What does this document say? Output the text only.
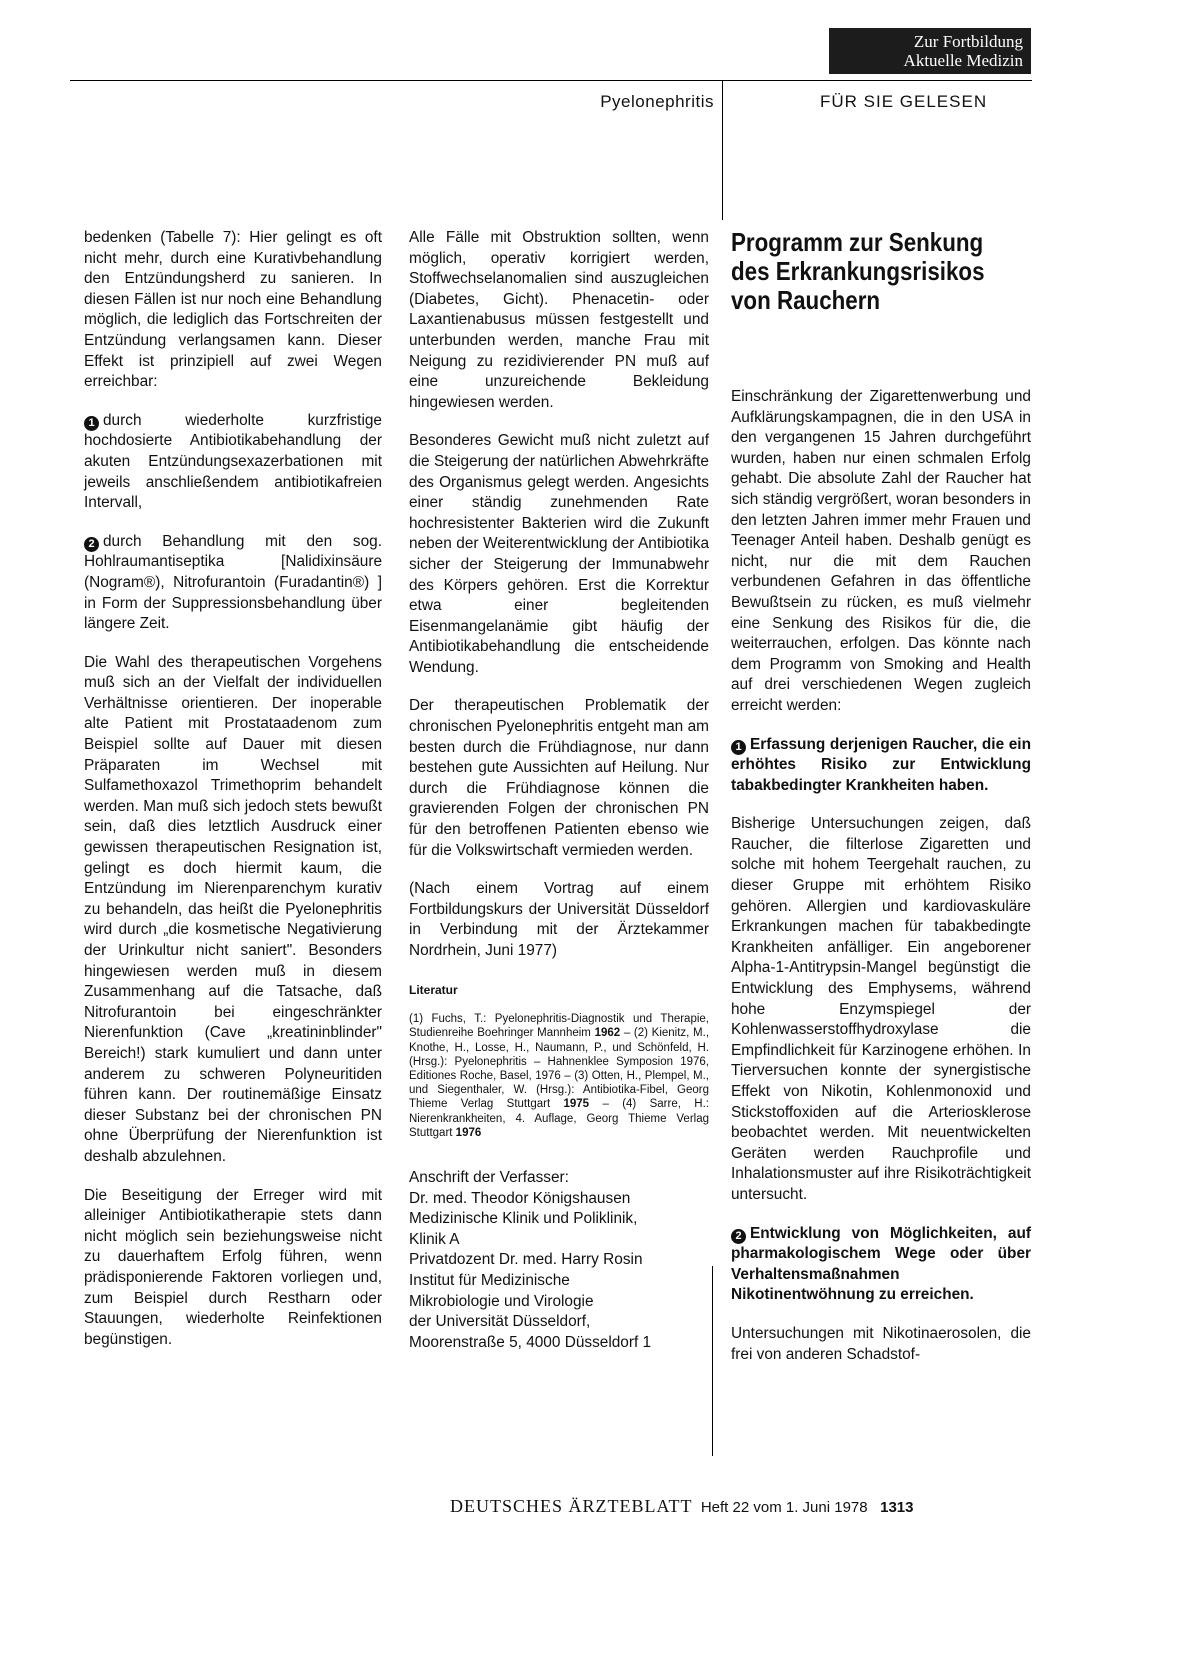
Zur Fortbildung
Aktuelle Medizin
Pyelonephritis	FÜR SIE GELESEN

bedenken (Tabelle 7): Hier gelingt es oft nicht mehr, durch eine Kurativbehandlung den Entzündungsherd zu sanieren. In diesen Fällen ist nur noch eine Behandlung möglich, die lediglich das Fortschreiten der Entzündung verlangsamen kann. Dieser Effekt ist prinzipiell auf zwei Wegen erreichbar:

1 durch wiederholte kurzfristige hochdosierte Antibiotikabehandlung der akuten Entzündungsexazerbationen mit jeweils anschließendem antibiotikafreien Intervall,

2 durch Behandlung mit den sog. Hohlraumantiseptika [Nalidixinsäure (Nogram®), Nitrofurantoin (Furadantin®) ] in Form der Suppressionsbehandlung über längere Zeit.

Die Wahl des therapeutischen Vorgehens muß sich an der Vielfalt der individuellen Verhältnisse orientieren. Der inoperable alte Patient mit Prostataadenom zum Beispiel sollte auf Dauer mit diesen Präparaten im Wechsel mit Sulfamethoxazol Trimethoprim behandelt werden. Man muß sich jedoch stets bewußt sein, daß dies letztlich Ausdruck einer gewissen therapeutischen Resignation ist, gelingt es doch hiermit kaum, die Entzündung im Nierenparenchym kurativ zu behandeln, das heißt die Pyelonephritis wird durch „die kosmetische Negativierung der Urinkultur nicht saniert". Besonders hingewiesen werden muß in diesem Zusammenhang auf die Tatsache, daß Nitrofurantoin bei eingeschränkter Nierenfunktion (Cave „kreatininblinder" Bereich!) stark kumuliert und dann unter anderem zu schweren Polyneuritiden führen kann. Der routinemäßige Einsatz dieser Substanz bei der chronischen PN ohne Überprüfung der Nierenfunktion ist deshalb abzulehnen.

Die Beseitigung der Erreger wird mit alleiniger Antibiotikatherapie stets dann nicht möglich sein beziehungsweise nicht zu dauerhaftem Erfolg führen, wenn prädisponierende Faktoren vorliegen und, zum Beispiel durch Restharn oder Stauungen, wiederholte Reinfektionen begünstigen.

Alle Fälle mit Obstruktion sollten, wenn möglich, operativ korrigiert werden, Stoffwechselanomalien sind auszugleichen (Diabetes, Gicht). Phenacetin- oder Laxantienabusus müssen festgestellt und unterbunden werden, manche Frau mit Neigung zu rezidivierender PN muß auf eine unzureichende Bekleidung hingewiesen werden.

Besonderes Gewicht muß nicht zuletzt auf die Steigerung der natürlichen Abwehrkräfte des Organismus gelegt werden. Angesichts einer ständig zunehmenden Rate hochresistenter Bakterien wird die Zukunft neben der Weiterentwicklung der Antibiotika sicher der Steigerung der Immunabwehr des Körpers gehören. Erst die Korrektur etwa einer begleitenden Eisenmangelanämie gibt häufig der Antibiotikabehandlung die entscheidende Wendung.

Der therapeutischen Problematik der chronischen Pyelonephritis entgeht man am besten durch die Frühdiagnose, nur dann bestehen gute Aussichten auf Heilung. Nur durch die Frühdiagnose können die gravierenden Folgen der chronischen PN für den betroffenen Patienten ebenso wie für die Volkswirtschaft vermieden werden.

(Nach einem Vortrag auf einem Fortbildungskurs der Universität Düsseldorf in Verbindung mit der Ärztekammer Nordrhein, Juni 1977)

Literatur
(1) Fuchs, T.: Pyelonephritis-Diagnostik und Therapie, Studienreihe Boehringer Mannheim 1962 – (2) Kienitz, M., Knothe, H., Losse, H., Naumann, P., und Schönfeld, H. (Hrsg.): Pyelonephritis – Hahnenklee Symposion 1976, Editiones Roche, Basel, 1976 – (3) Otten, H., Plempel, M., und Siegenthaler, W. (Hrsg.): Antibiotika-Fibel, Georg Thieme Verlag Stuttgart 1975 – (4) Sarre, H.: Nierenkrankheiten, 4. Auflage, Georg Thieme Verlag Stuttgart 1976
Anschrift der Verfasser:
Dr. med. Theodor Königshausen
Medizinische Klinik und Poliklinik,
Klinik A
Privatdozent Dr. med. Harry Rosin
Institut für Medizinische
Mikrobiologie und Virologie
der Universität Düsseldorf,
Moorenstraße 5, 4000 Düsseldorf 1
Programm zur Senkung
des Erkrankungsrisikos
von Rauchern

Einschränkung der Zigarettenwerbung und Aufklärungskampagnen, die in den USA in den vergangenen 15 Jahren durchgeführt wurden, haben nur einen schmalen Erfolg gehabt. Die absolute Zahl der Raucher hat sich ständig vergrößert, woran besonders in den letzten Jahren immer mehr Frauen und Teenager Anteil haben. Deshalb genügt es nicht, nur die mit dem Rauchen verbundenen Gefahren in das öffentliche Bewußtsein zu rücken, es muß vielmehr eine Senkung des Risikos für die, die weiterrauchen, erfolgen. Das könnte nach dem Programm von Smoking and Health auf drei verschiedenen Wegen zugleich erreicht werden:

1 Erfassung derjenigen Raucher, die ein erhöhtes Risiko zur Entwicklung tabakbedingter Krankheiten haben.

Bisherige Untersuchungen zeigen, daß Raucher, die filterlose Zigaretten und solche mit hohem Teergehalt rauchen, zu dieser Gruppe mit erhöhtem Risiko gehören. Allergien und kardiovaskuläre Erkrankungen machen für tabakbedingte Krankheiten anfälliger. Ein angeborener Alpha-1-Antitrypsin-Mangel begünstigt die Entwicklung des Emphysems, während hohe Enzymspiegel der Kohlenwasserstoffhydroxylase die Empfindlichkeit für Karzinogene erhöhen. In Tierversuchen konnte der synergistische Effekt von Nikotin, Kohlenmonoxid und Stickstoffoxiden auf die Arteriosklerose beobachtet werden. Mit neuentwickelten Geräten werden Rauchprofile und Inhalationsmuster auf ihre Risikoträchtigkeit untersucht.

2 Entwicklung von Möglichkeiten, auf pharmakologischem Wege oder über Verhaltensmaßnahmen Nikotinentwöhnung zu erreichen.

Untersuchungen mit Nikotinaerosolen, die frei von anderen Schadstof-

DEUTSCHES ÄRZTEBLATT Heft 22 vom 1. Juni 1978 1313
